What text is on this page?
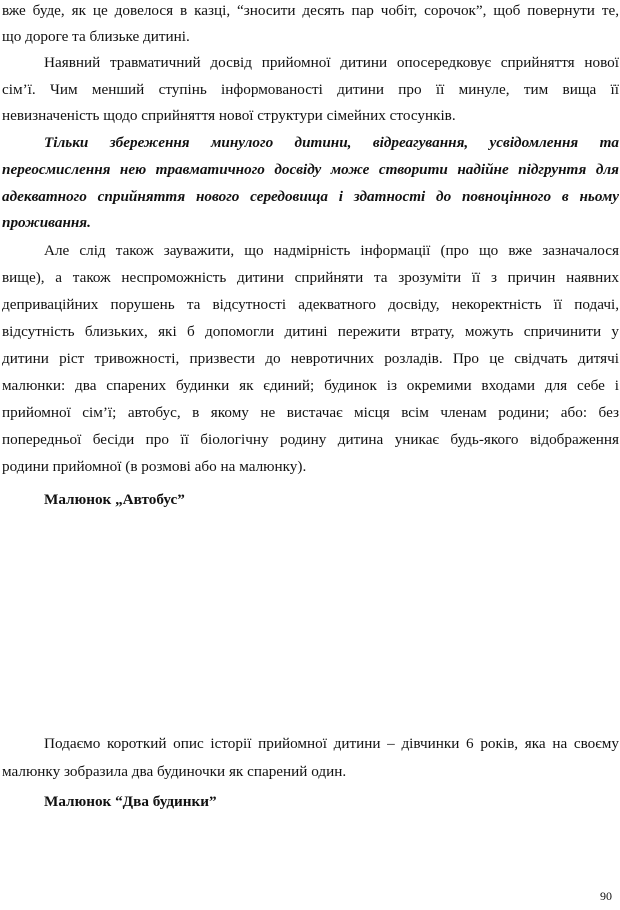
вже буде, як це довелося в казці, “зносити десять пар чобіт, сорочок”, щоб повернути те,
що дороге та близьке дитині.
Наявний травматичний досвід прийомної дитини опосередковує сприйняття нової
сім’ї. Чим менший ступінь інформованості дитини про її минуле, тим вища її
невизначеність щодо сприйняття нової структури сімейних стосунків.
Тільки збереження минулого дитини, відреагування, усвідомлення та
переосмислення нею травматичного досвіду може створити надійне підгрунтя для
адекватного сприйняття нового середовища і здатності до повноцінного в ньому
проживання.
Але слід також зауважити, що надмірність інформації (про що вже зазначалося
вище), а також неспроможність дитини сприйняти та зрозуміти її з причин наявних
деприваційних порушень та відсутності адекватного досвіду, некоректність її подачі,
відсутність близьких, які б допомогли дитині пережити втрату, можуть спричинити у
дитини ріст тривожності, призвести до невротичних розладів. Про це свідчать дитячі
малюнки: два спарених будинки як єдиний; будинок із окремими входами для себе і
прийомної сім’ї; автобус, в якому не вистачає місця всім членам родини; або: без
попередньої бесіди про її біологічну родину дитина уникає будь-якого відображення
родини прийомної (в розмові або на малюнку).
Малюнок „Автобус”
Подаємо короткий опис історії прийомної дитини – дівчинки 6 років, яка на своєму
малюнку зобразила два будиночки як спарений один.
Малюнок “Два будинки”
90
